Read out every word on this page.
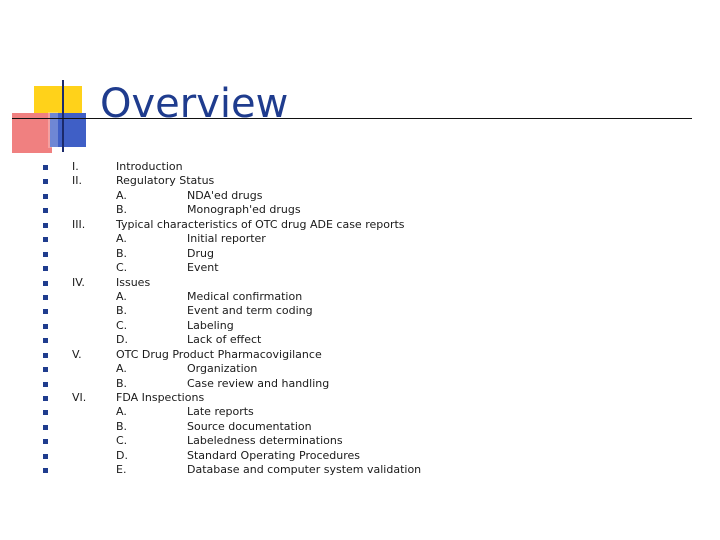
Overview
I.	Introduction
II.	Regulatory Status
A.	NDA'ed drugs
B.	Monograph'ed drugs
III.	Typical characteristics of OTC drug ADE case reports
A.	Initial reporter
B.	Drug
C.	Event
IV.	Issues
A.	Medical confirmation
B.	Event and term coding
C.	Labeling
D.	Lack of effect
V.	OTC Drug Product Pharmacovigilance
A.	Organization
B.	Case review and handling
VI.	FDA Inspections
A.	Late reports
B.	Source documentation
C.	Labeledness determinations
D.	Standard Operating Procedures
E.	Database and computer system validation
